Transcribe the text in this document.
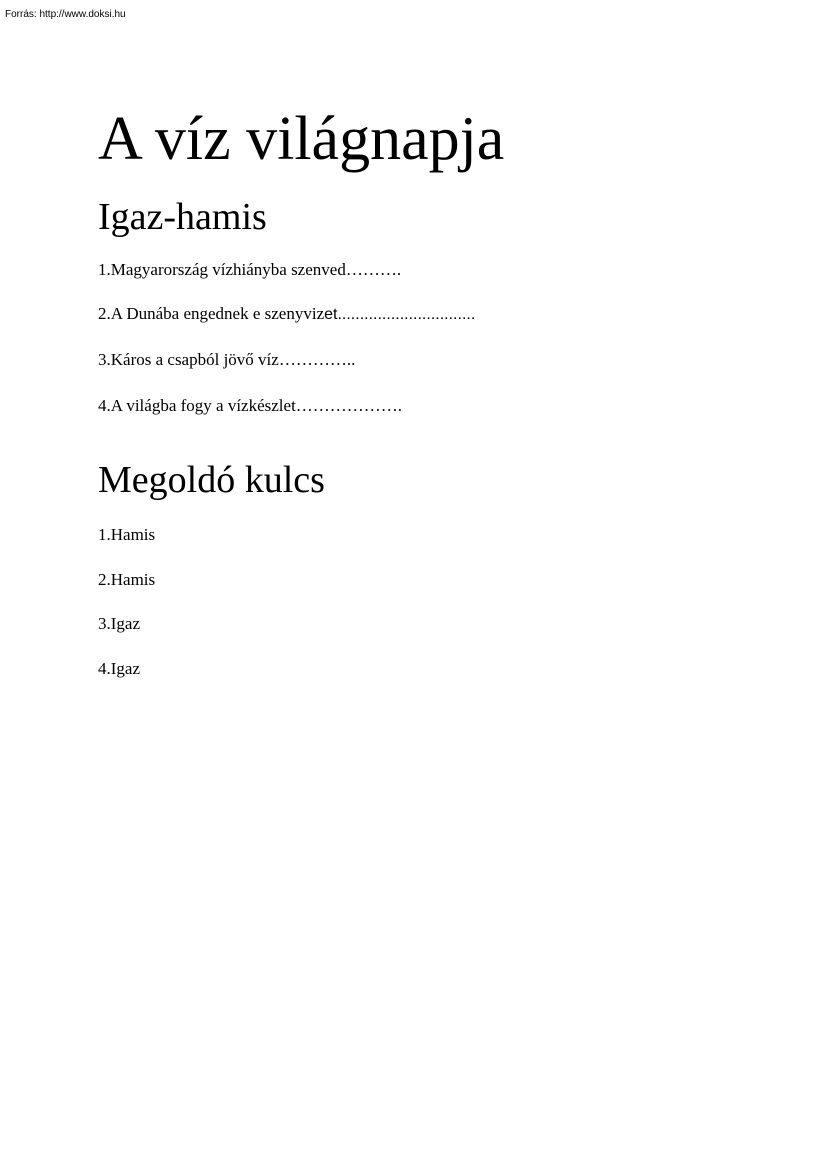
Forrás: http://www.doksi.hu
A víz világnapja
Igaz-hamis

1.Magyarország vízhiányba szenved……….

2.A Dunába engednek e szenyvizet...............................

3.Káros a csapból jövő víz…………..

4.A világba fogy a vízkészlet……………….

Megoldó kulcs

1.Hamis

2.Hamis

3.Igaz

4.Igaz
